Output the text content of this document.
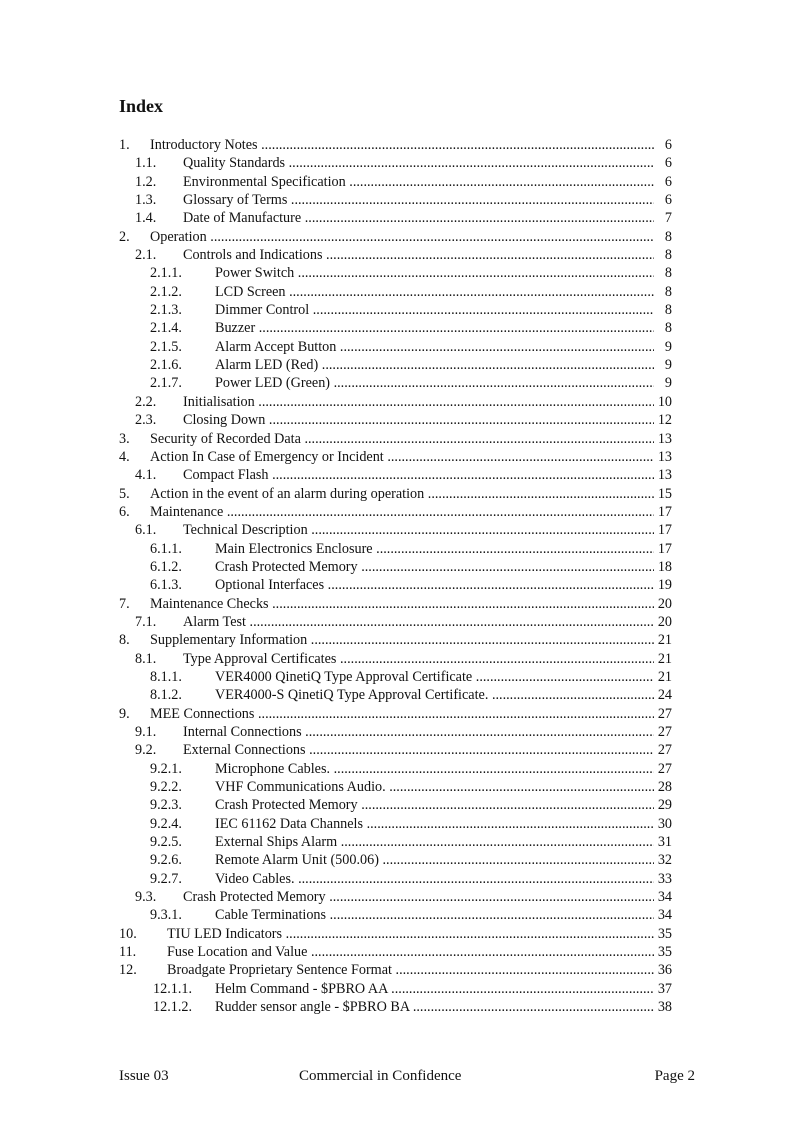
Index
1. Introductory Notes .....	6
1.1. Quality Standards .....	6
1.2. Environmental Specification .....	6
1.3. Glossary of Terms .....	6
1.4. Date of Manufacture .....	7
2. Operation .....	8
2.1. Controls and Indications .....	8
2.1.1. Power Switch .....	8
2.1.2. LCD Screen .....	8
2.1.3. Dimmer Control .....	8
2.1.4. Buzzer .....	8
2.1.5. Alarm Accept Button .....	9
2.1.6. Alarm LED (Red) .....	9
2.1.7. Power LED (Green) .....	9
2.2. Initialisation .....	10
2.3. Closing Down .....	12
3. Security of Recorded Data .....	13
4. Action In Case of Emergency or Incident .....	13
4.1. Compact Flash .....	13
5. Action in the event of an alarm during operation .....	15
6. Maintenance .....	17
6.1. Technical Description .....	17
6.1.1. Main Electronics Enclosure .....	17
6.1.2. Crash Protected Memory .....	18
6.1.3. Optional Interfaces .....	19
7. Maintenance Checks .....	20
7.1. Alarm Test .....	20
8. Supplementary Information .....	21
8.1. Type Approval Certificates .....	21
8.1.1. VER4000 QinetiQ Type Approval Certificate .....	21
8.1.2. VER4000-S QinetiQ Type Approval Certificate. .....	24
9. MEE Connections .....	27
9.1. Internal Connections .....	27
9.2. External Connections .....	27
9.2.1. Microphone Cables. .....	27
9.2.2. VHF Communications Audio. .....	28
9.2.3. Crash Protected Memory .....	29
9.2.4. IEC 61162 Data Channels .....	30
9.2.5. External Ships Alarm .....	31
9.2.6. Remote Alarm Unit (500.06) .....	32
9.2.7. Video Cables. .....	33
9.3. Crash Protected Memory .....	34
9.3.1. Cable Terminations .....	34
10. TIU LED Indicators .....	35
11. Fuse Location and Value .....	35
12. Broadgate Proprietary Sentence Format .....	36
12.1.1. Helm Command - $PBRO AA .....	37
12.1.2. Rudder sensor angle - $PBRO BA .....	38
Issue 03	Commercial in Confidence	Page 2
